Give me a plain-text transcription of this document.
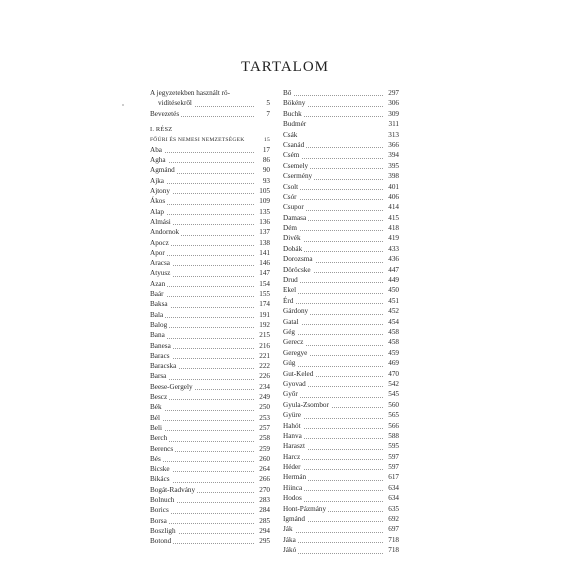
TARTALOM
A jegyzetekben használt rö-
vidítésekről	5
Bevezetés	7
I. RÉSZ
FŐÚRI ÉS NEMESI NEMZETSÉGEK	15
Aba	17
Agha	86
Agmánd	90
Ajka	93
Ajtony	105
Ákos	109
Alap	135
Almási	136
Andornok	137
Apocz	138
Apor	141
Aracsa	146
Atyusz	147
Azan	154
Baár	155
Baksa	174
Bala	191
Balog	192
Bana	215
Banesa	216
Baracs	221
Baracska	222
Barsa	226
Beese-Gergely	234
Bescz	249
Bék	250
Bél	253
Beli	257
Berch	258
Berencs	259
Bés	260
Bicske	264
Bikács	266
Bogát-Radvány	270
Bolnuch	283
Borics	284
Borsa	285
Boszligh	294
Botond	295
Bő	297
Bökény	306
Buchk	309
Budmér	311
Csák	313
Csanád	366
Csém	394
Csemely	395
Csermény	398
Csolt	401
Csór	406
Csupor	414
Damasa	415
Dém	418
Divék	419
Dobák	433
Dorozsma	436
Döröcske	447
Drud	449
Ekel	450
Érd	451
Gárdony	452
Gatal	454
Gég	458
Gerecz	458
Geregye	459
Gúg	469
Gut-Keled	470
Gyovad	542
Győr	545
Gyula-Zsombor	560
Gyüre	565
Hahót	566
Hanva	588
Haraszt	595
Harcz	597
Héder	597
Hermán	617
Hiinca	634
Hodos	634
Hont-Pázmány	635
Igmánd	692
Ják	697
Jáka	718
Jákó	718
